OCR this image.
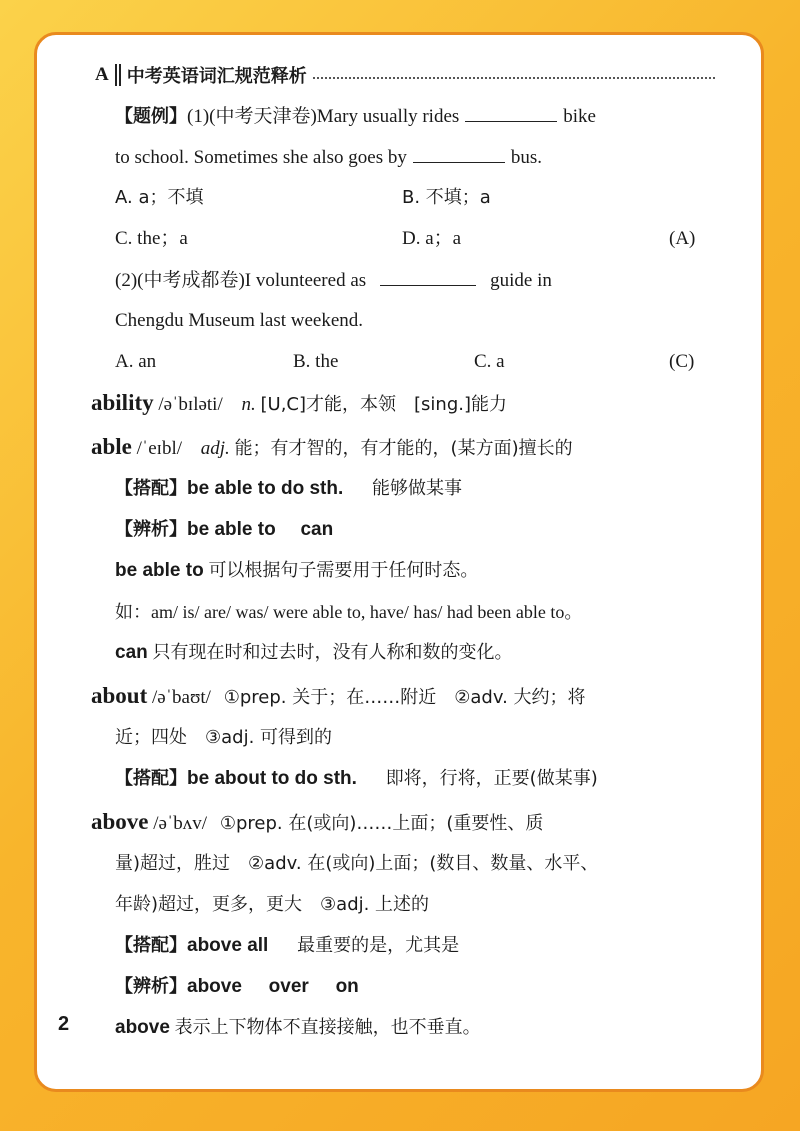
A 中考英语词汇规范释析
【题例】(1)(中考天津卷)Mary usually rides	bike
to school. Sometimes she also goes by	bus.
A. a；不填	B. 不填；a
C. the；a	D. a；a	(A)
(2)(中考成都卷)I volunteered as	guide in
Chengdu Museum last weekend.
A. an	B. the	C. a	(C)
ability /əˈbɪləti/ n. [U,C]才能，本领　[sing.]能力
able /ˈeɪbl/ adj. 能；有才智的，有才能的，(某方面)擅长的
【搭配】be able to do sth. 能够做某事
【辨析】be able to can
be able to 可以根据句子需要用于任何时态。
如：am/ is/ are/ was/ were able to, have/ has/ had been able to。
can 只有现在时和过去时，没有人称和数的变化。
about /əˈbaʊt/ ①prep. 关于；在……附近　②adv. 大约；将
近；四处　③adj. 可得到的
【搭配】be about to do sth. 即将，行将，正要(做某事)
above /əˈbʌv/ ①prep. 在(或向)……上面；(重要性、质
量)超过，胜过　②adv. 在(或向)上面；(数目、数量、水平、
年龄)超过，更多，更大　③adj. 上述的
【搭配】above all 最重要的是，尤其是
【辨析】above over on
above 表示上下物体不直接接触，也不垂直。
2
